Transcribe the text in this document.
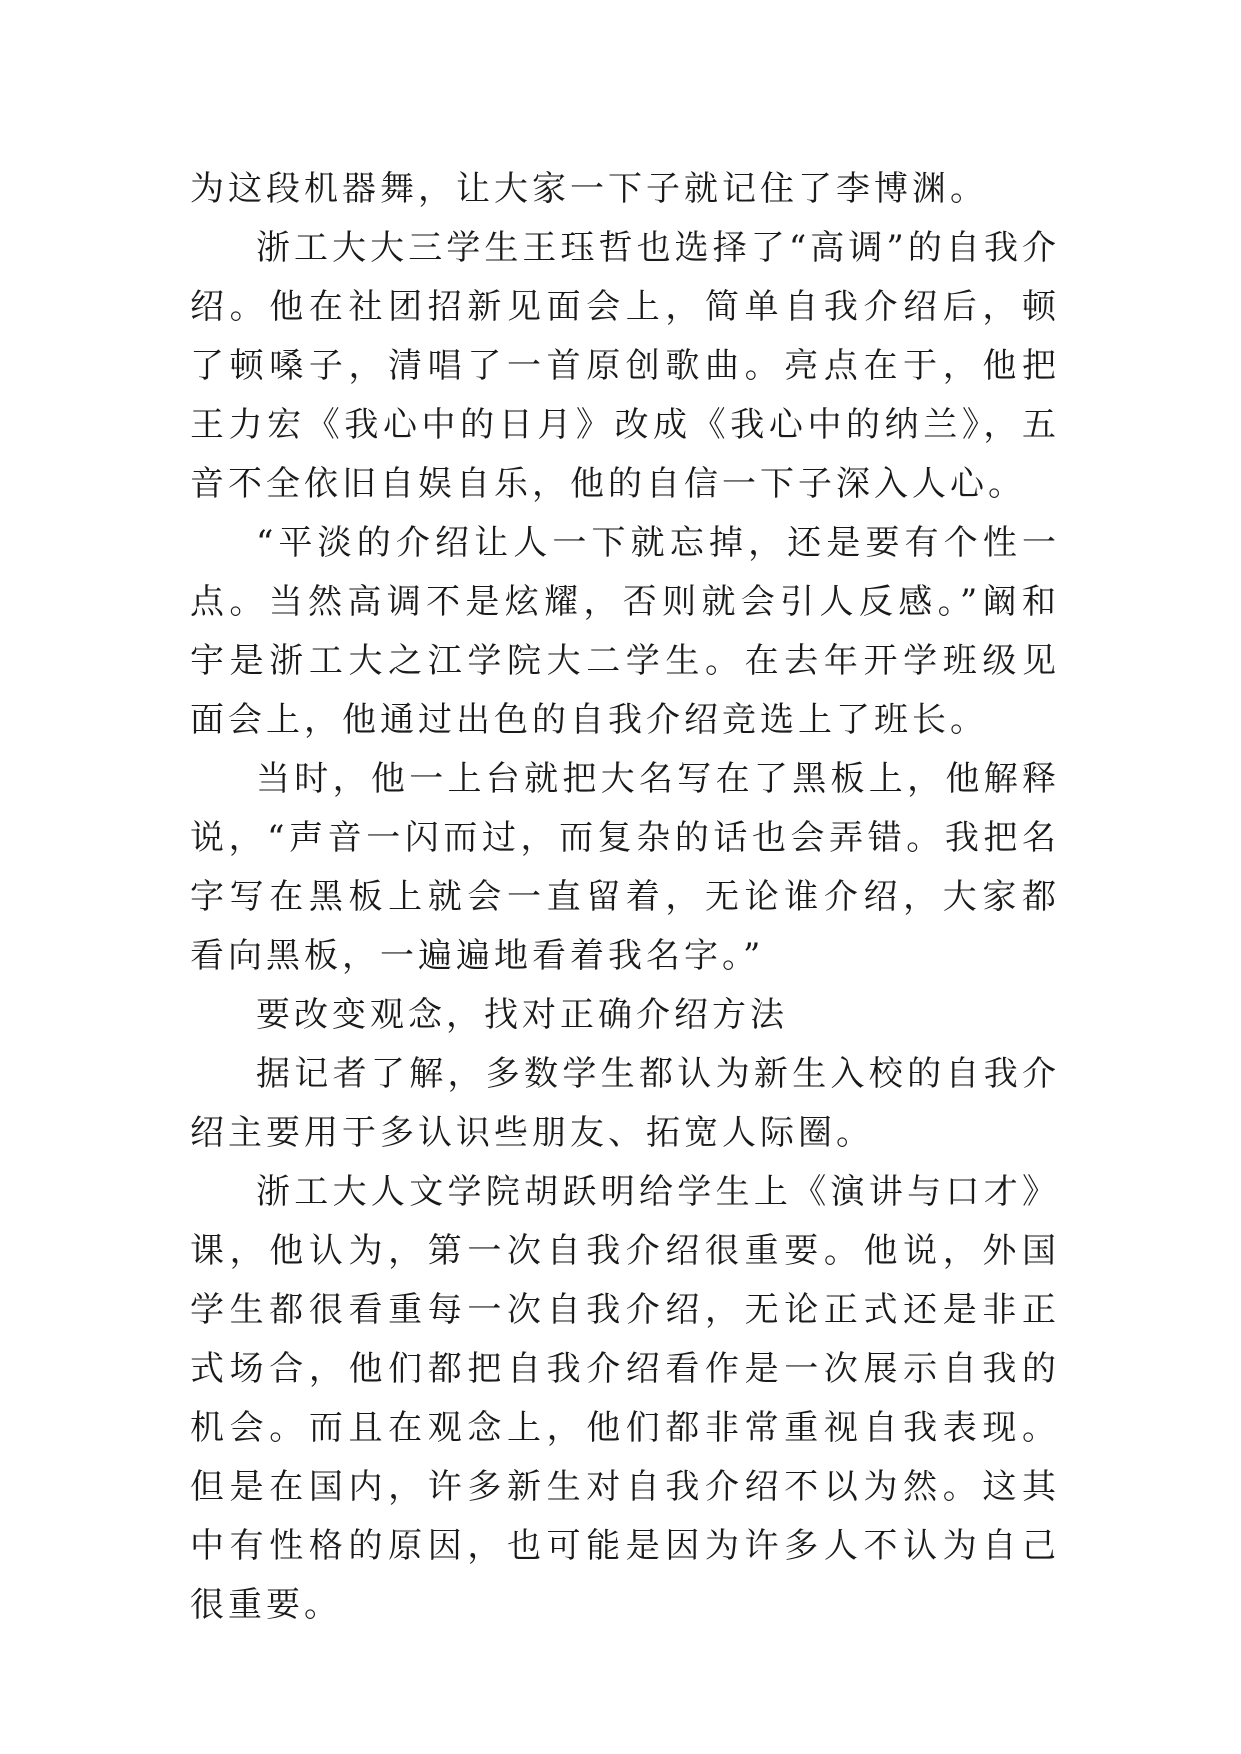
为这段机器舞，让大家一下子就记住了李博渊。

浙工大大三学生王珏哲也选择了“高调”的自我介绍。他在社团招新见面会上，简单自我介绍后，顿了顿嗓子，清唱了一首原创歌曲。亮点在于，他把王力宏《我心中的日月》改成《我心中的纳兰》，五音不全依旧自娱自乐，他的自信一下子深入人心。

“平淡的介绍让人一下就忘掉，还是要有个性一点。当然高调不是炫耀，否则就会引人反感。”阚和宇是浙工大之江学院大二学生。在去年开学班级见面会上，他通过出色的自我介绍竞选上了班长。

当时，他一上台就把大名写在了黑板上，他解释说，“声音一闪而过，而复杂的话也会弄错。我把名字写在黑板上就会一直留着，无论谁介绍，大家都看向黑板，一遍遍地看着我名字。”

要改变观念，找对正确介绍方法

据记者了解，多数学生都认为新生入校的自我介绍主要用于多认识些朋友、拓宽人际圈。

浙工大人文学院胡跃明给学生上《演讲与口才》课，他认为，第一次自我介绍很重要。他说，外国学生都很看重每一次自我介绍，无论正式还是非正式场合，他们都把自我介绍看作是一次展示自我的机会。而且在观念上，他们都非常重视自我表现。但是在国内，许多新生对自我介绍不以为然。这其中有性格的原因，也可能是因为许多人不认为自己很重要。
